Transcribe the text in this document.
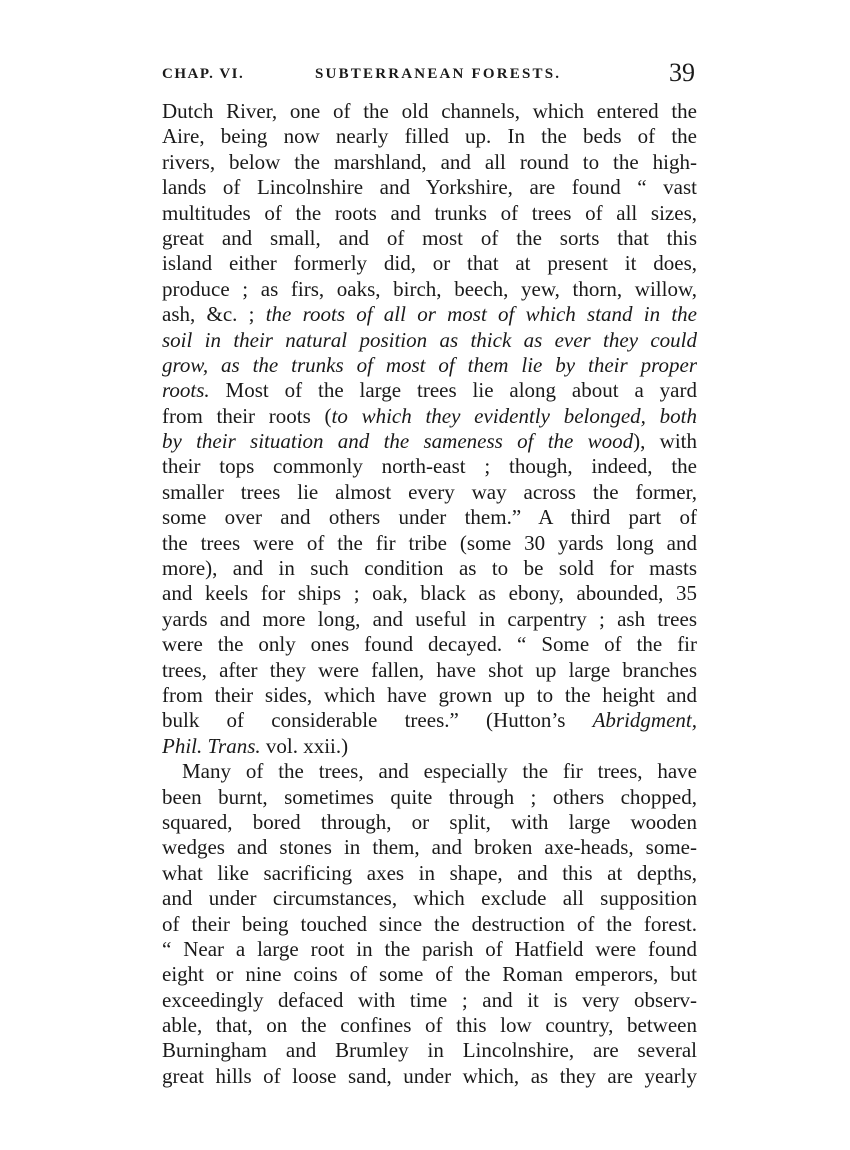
CHAP. VI.	SUBTERRANEAN FORESTS.	39
Dutch River, one of the old channels, which entered the
Aire, being now nearly filled up. In the beds of the
rivers, below the marshland, and all round to the high-
lands of Lincolnshire and Yorkshire, are found “ vast
multitudes of the roots and trunks of trees of all sizes,
great and small, and of most of the sorts that this
island either formerly did, or that at present it does,
produce ; as firs, oaks, birch, beech, yew, thorn, willow,
ash, &c. ; the roots of all or most of which stand in the
soil in their natural position as thick as ever they could
grow, as the trunks of most of them lie by their proper
roots. Most of the large trees lie along about a yard
from their roots (to which they evidently belonged, both
by their situation and the sameness of the wood), with
their tops commonly north-east ; though, indeed, the
smaller trees lie almost every way across the former,
some over and others under them.” A third part of
the trees were of the fir tribe (some 30 yards long and
more), and in such condition as to be sold for masts
and keels for ships ; oak, black as ebony, abounded, 35
yards and more long, and useful in carpentry ; ash trees
were the only ones found decayed. “ Some of the fir
trees, after they were fallen, have shot up large branches
from their sides, which have grown up to the height and
bulk of considerable trees.” (Hutton’s Abridgment,
Phil. Trans. vol. xxii.)
Many of the trees, and especially the fir trees, have
been burnt, sometimes quite through ; others chopped,
squared, bored through, or split, with large wooden
wedges and stones in them, and broken axe-heads, some-
what like sacrificing axes in shape, and this at depths,
and under circumstances, which exclude all supposition
of their being touched since the destruction of the forest.
“ Near a large root in the parish of Hatfield were found
eight or nine coins of some of the Roman emperors, but
exceedingly defaced with time ; and it is very observ-
able, that, on the confines of this low country, between
Burningham and Brumley in Lincolnshire, are several
great hills of loose sand, under which, as they are yearly
